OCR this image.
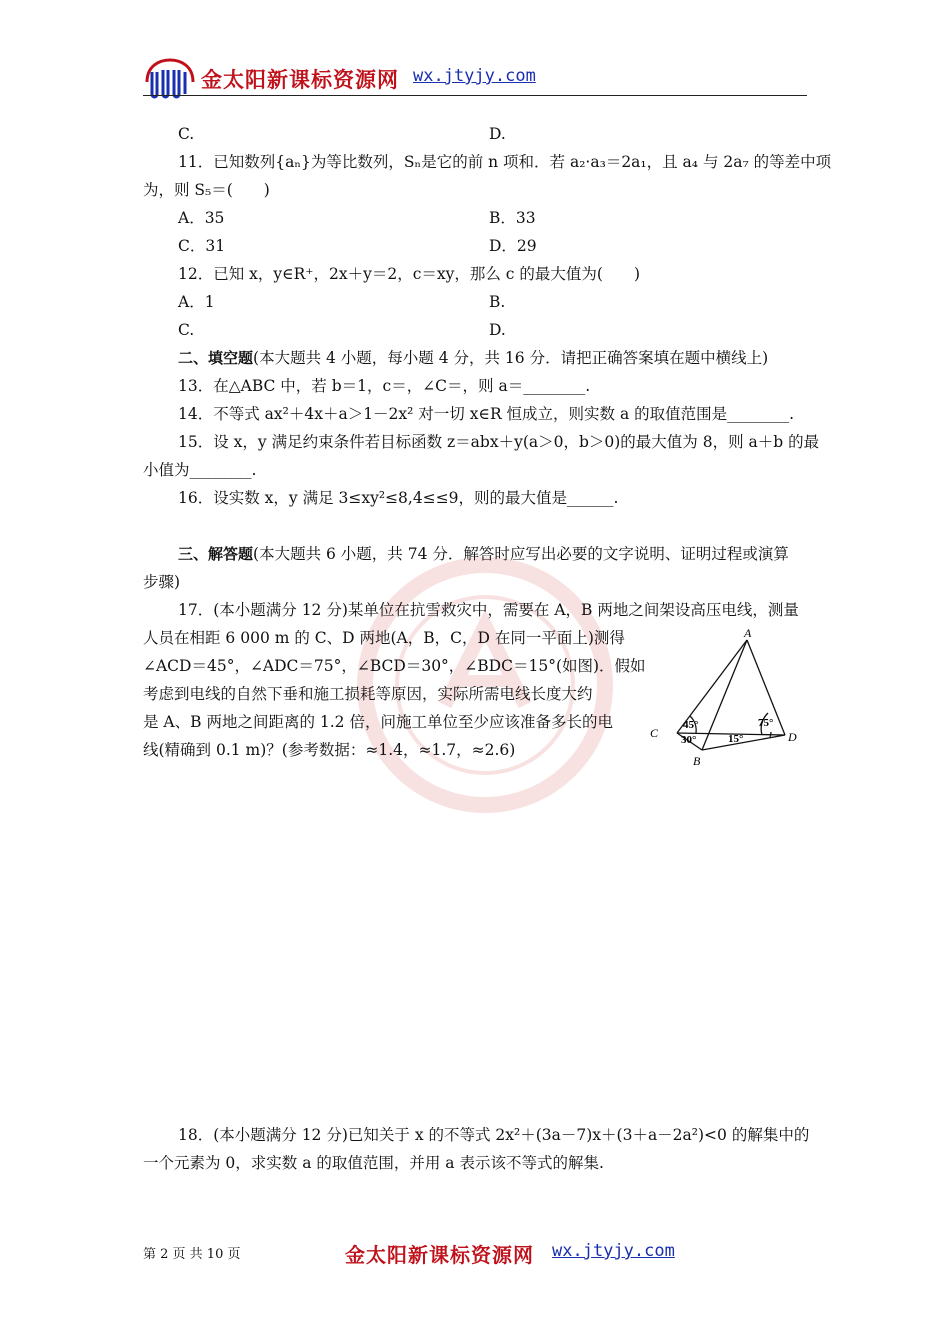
金太阳新课标资源网 wx.jtyjy.com
C.	D.
11．已知数列{aₙ}为等比数列，Sₙ是它的前 n 项和．若 a₂·a₃＝2a₁，且 a₄ 与 2a₇ 的等差中项
为，则 S₅＝(　　)
A．35	B．33
C．31	D．29
12．已知 x，y∈R⁺，2x＋y＝2，c＝xy，那么 c 的最大值为(　　)
A．1	B.
C.	D.
二、填空题(本大题共 4 小题，每小题 4 分，共 16 分．请把正确答案填在题中横线上)
13．在△ABC 中，若 b＝1，c＝，∠C＝，则 a＝________.
14．不等式 ax²＋4x＋a＞1－2x² 对一切 x∈R 恒成立，则实数 a 的取值范围是________.
15．设 x，y 满足约束条件若目标函数 z＝abx＋y(a＞0，b＞0)的最大值为 8，则 a＋b 的最
小值为________.
16．设实数 x，y 满足 3≤xy²≤8,4≤≤9，则的最大值是______.
三、解答题(本大题共 6 小题，共 74 分．解答时应写出必要的文字说明、证明过程或演算
步骤)
17．(本小题满分 12 分)某单位在抗雪救灾中，需要在 A，B 两地之间架设高压电线，测量
人员在相距 6 000 m 的 C、D 两地(A，B，C，D 在同一平面上)测得
∠ACD＝45°，∠ADC＝75°，∠BCD＝30°，∠BDC＝15°(如图)．假如
考虑到电线的自然下垂和施工损耗等原因，实际所需电线长度大约
是 A、B 两地之间距离的 1.2 倍，问施工单位至少应该准备多长的电
线(精确到 0.1 m)？(参考数据：≈1.4，≈1.7，≈2.6)
A
C	D
B
45°
30°
75°
15°
18．(本小题满分 12 分)已知关于 x 的不等式 2x²＋(3a－7)x＋(3＋a－2a²)<0 的解集中的
一个元素为 0，求实数 a 的取值范围，并用 a 表示该不等式的解集.
第 2 页 共 10 页	金太阳新课标资源网 wx.jtyjy.com
